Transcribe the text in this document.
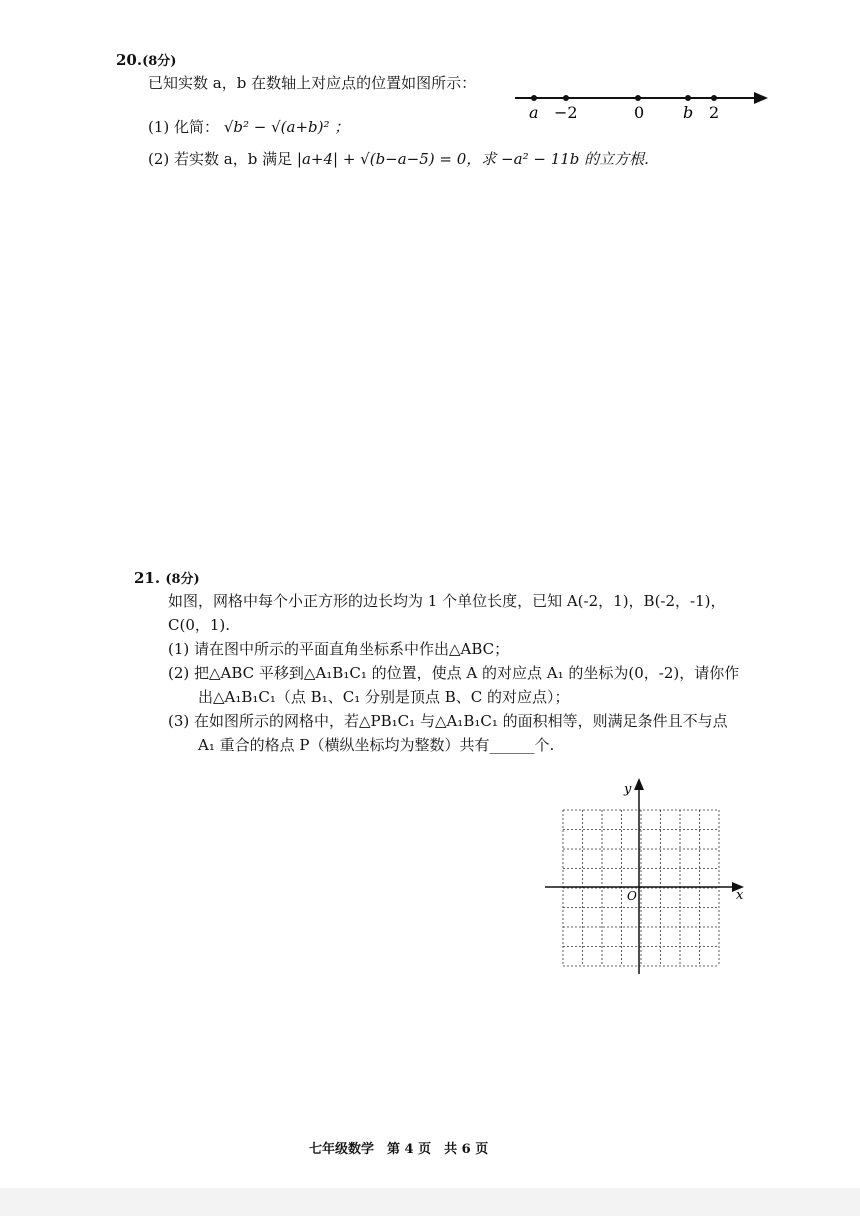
20.(8分)
已知实数 a，b 在数轴上对应点的位置如图所示：
(1) 化简： √b² − √(a+b)² ；
(2) 若实数 a，b 满足 |a+4| + √(b−a−5) = 0，求 −a² − 11b 的立方根.
a −2	0 b 2
21. (8分)
如图，网格中每个小正方形的边长均为 1 个单位长度，已知 A(-2，1)，B(-2，-1)，
C(0，1).
(1) 请在图中所示的平面直角坐标系中作出△ABC；
(2) 把△ABC 平移到△A₁B₁C₁ 的位置，使点 A 的对应点 A₁ 的坐标为(0，-2)，请你作
出△A₁B₁C₁（点 B₁、C₁ 分别是顶点 B、C 的对应点）；
(3) 在如图所示的网格中，若△PB₁C₁ 与△A₁B₁C₁ 的面积相等，则满足条件且不与点
A₁ 重合的格点 P（横纵坐标均为整数）共有______个.
x
y
O
七年级数学　第 4 页　共 6 页
